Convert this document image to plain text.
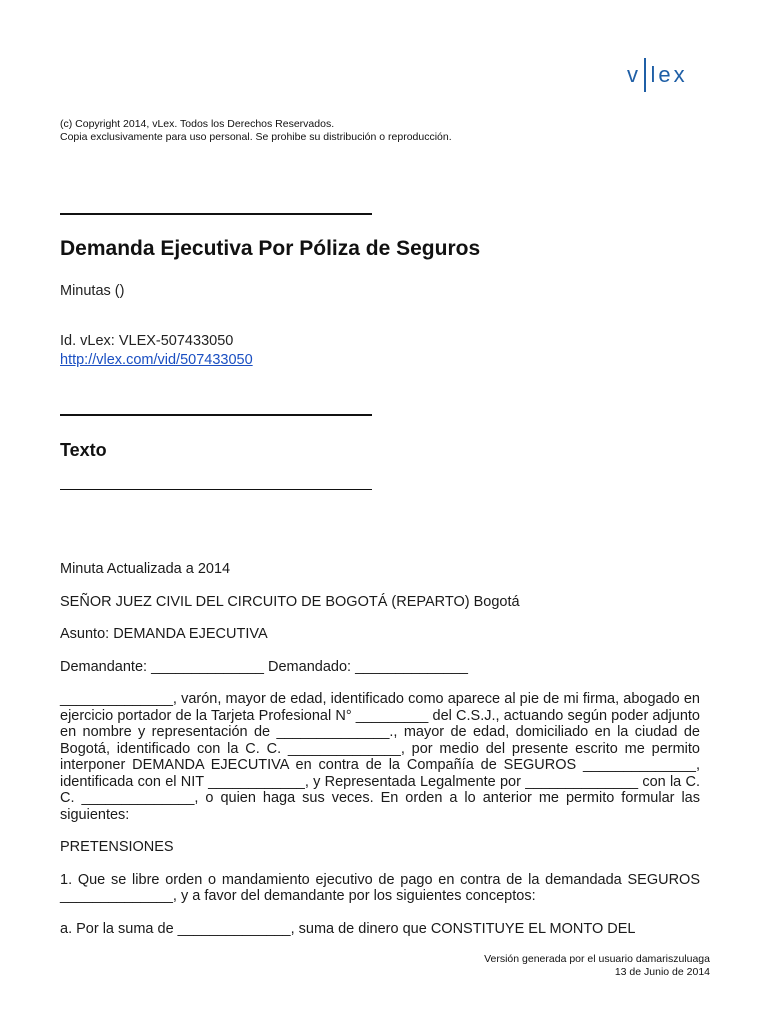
v lex
(c) Copyright 2014, vLex. Todos los Derechos Reservados.
Copia exclusivamente para uso personal. Se prohibe su distribución o reproducción.
Demanda Ejecutiva Por Póliza de Seguros
Minutas ()
Id. vLex: VLEX-507433050
http://vlex.com/vid/507433050
Texto

Minuta Actualizada a 2014

SEÑOR JUEZ CIVIL DEL CIRCUITO DE BOGOTÁ (REPARTO) Bogotá

Asunto: DEMANDA EJECUTIVA

Demandante: ______________ Demandado: ______________

______________, varón, mayor de edad, identificado como aparece al pie de mi firma, abogado en ejercicio portador de la Tarjeta Profesional N° _________ del C.S.J., actuando según poder adjunto en nombre y representación de ______________., mayor de edad, domiciliado en la ciudad de Bogotá, identificado con la C. C. ______________, por medio del presente escrito me permito interponer DEMANDA EJECUTIVA en contra de la Compañía de SEGUROS ______________, identificada con el NIT ____________, y Representada Legalmente por ______________ con la C. C. ______________, o quien haga sus veces. En orden a lo anterior me permito formular las siguientes:

PRETENSIONES

1. Que se libre orden o mandamiento ejecutivo de pago en contra de la demandada SEGUROS ______________, y a favor del demandante por los siguientes conceptos:

a. Por la suma de ______________, suma de dinero que CONSTITUYE EL MONTO DEL

Versión generada por el usuario damariszuluaga
13 de Junio de 2014
